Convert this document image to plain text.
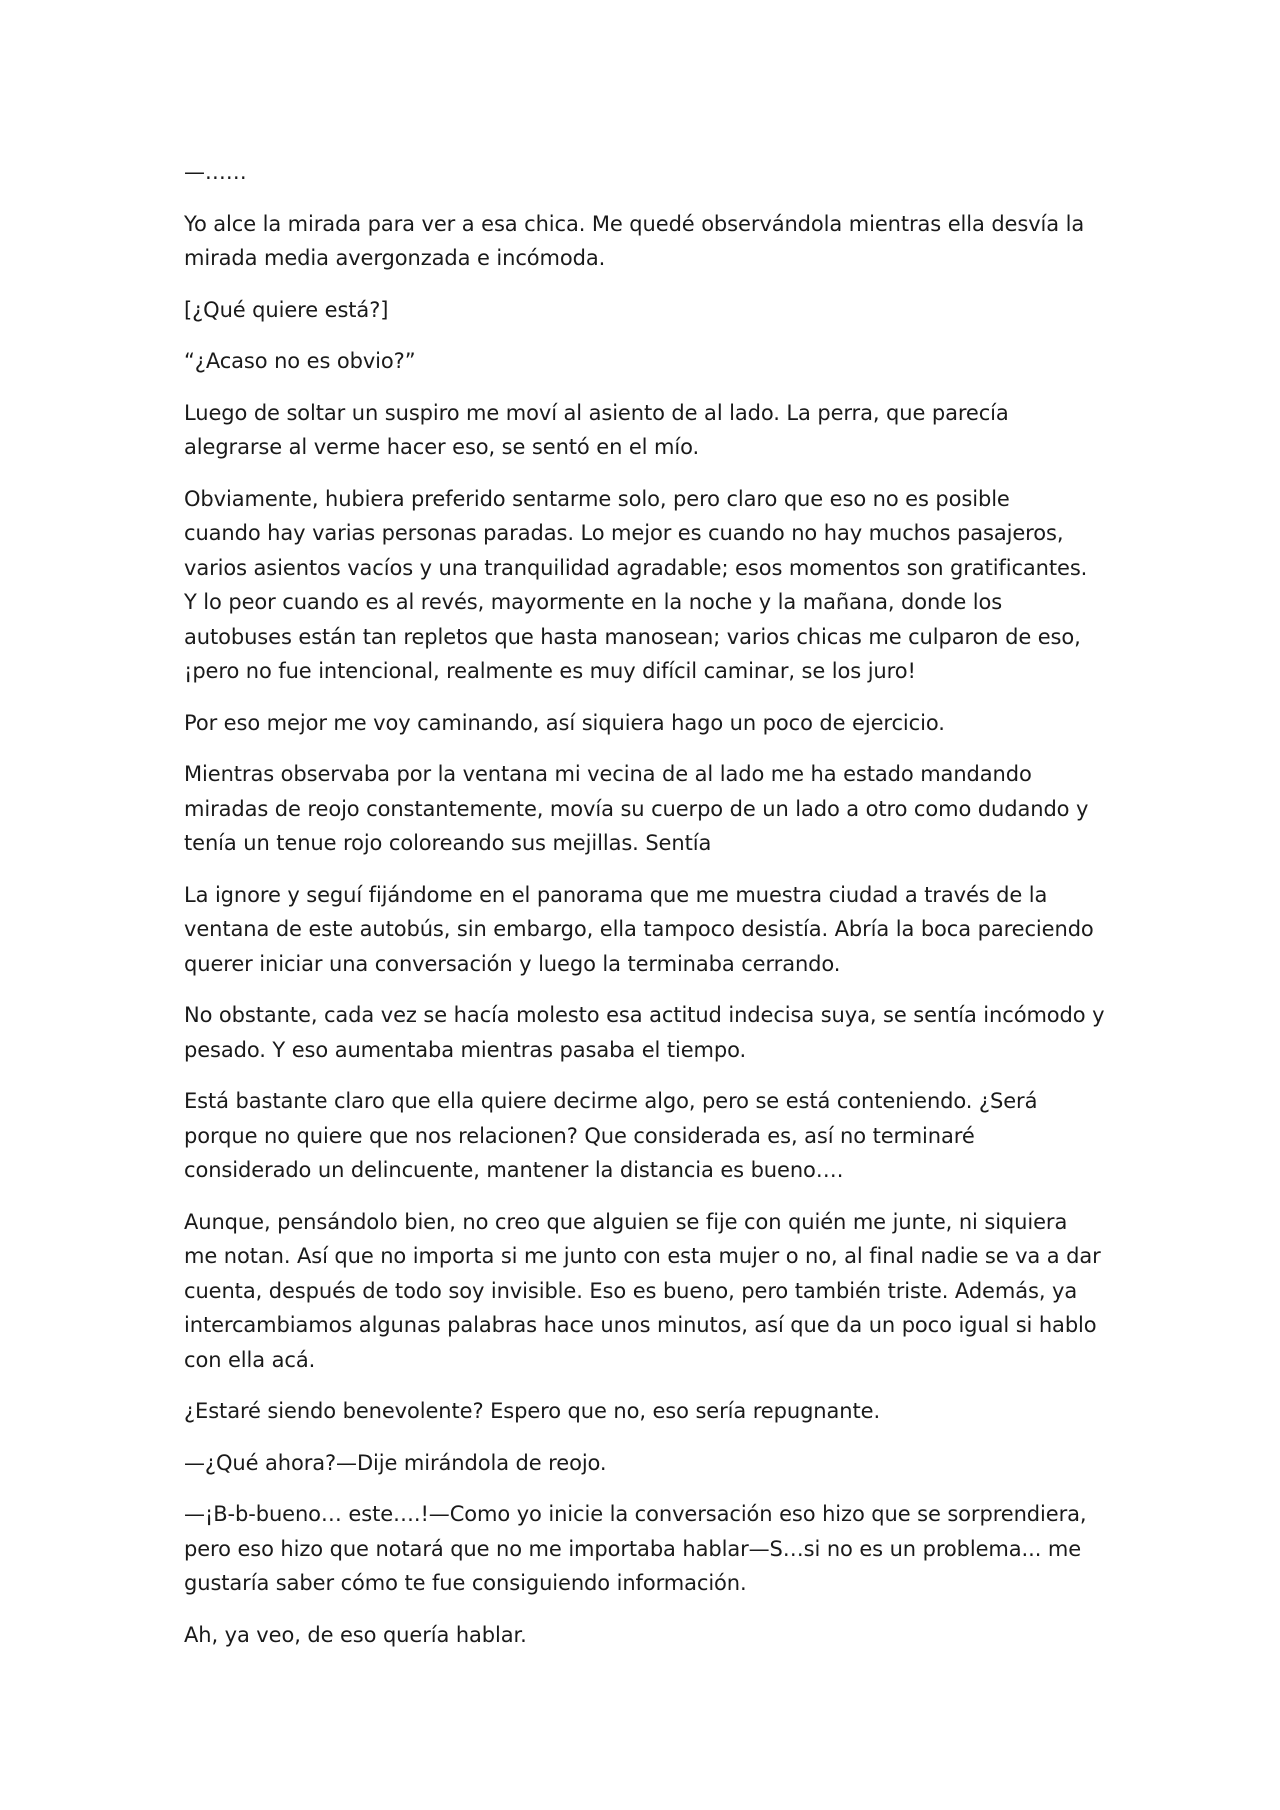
—……

Yo alce la mirada para ver a esa chica. Me quedé observándola mientras ella desvía la
mirada media avergonzada e incómoda.

[¿Qué quiere está?]

“¿Acaso no es obvio?”

Luego de soltar un suspiro me moví al asiento de al lado. La perra, que parecía
alegrarse al verme hacer eso, se sentó en el mío.

Obviamente, hubiera preferido sentarme solo, pero claro que eso no es posible
cuando hay varias personas paradas. Lo mejor es cuando no hay muchos pasajeros,
varios asientos vacíos y una tranquilidad agradable; esos momentos son gratificantes.
Y lo peor cuando es al revés, mayormente en la noche y la mañana, donde los
autobuses están tan repletos que hasta manosean; varios chicas me culparon de eso,
¡pero no fue intencional, realmente es muy difícil caminar, se los juro!

Por eso mejor me voy caminando, así siquiera hago un poco de ejercicio.

Mientras observaba por la ventana mi vecina de al lado me ha estado mandando
miradas de reojo constantemente, movía su cuerpo de un lado a otro como dudando y
tenía un tenue rojo coloreando sus mejillas. Sentía

La ignore y seguí fijándome en el panorama que me muestra ciudad a través de la
ventana de este autobús, sin embargo, ella tampoco desistía. Abría la boca pareciendo
querer iniciar una conversación y luego la terminaba cerrando.

No obstante, cada vez se hacía molesto esa actitud indecisa suya, se sentía incómodo y
pesado. Y eso aumentaba mientras pasaba el tiempo.

Está bastante claro que ella quiere decirme algo, pero se está conteniendo. ¿Será
porque no quiere que nos relacionen? Que considerada es, así no terminaré
considerado un delincuente, mantener la distancia es bueno….

Aunque, pensándolo bien, no creo que alguien se fije con quién me junte, ni siquiera
me notan. Así que no importa si me junto con esta mujer o no, al final nadie se va a dar
cuenta, después de todo soy invisible. Eso es bueno, pero también triste. Además, ya
intercambiamos algunas palabras hace unos minutos, así que da un poco igual si hablo
con ella acá.

¿Estaré siendo benevolente? Espero que no, eso sería repugnante.

—¿Qué ahora?—Dije mirándola de reojo.

—¡B-b-bueno… este….!—Como yo inicie la conversación eso hizo que se sorprendiera,
pero eso hizo que notará que no me importaba hablar—S…si no es un problema... me
gustaría saber cómo te fue consiguiendo información.

Ah, ya veo, de eso quería hablar.
